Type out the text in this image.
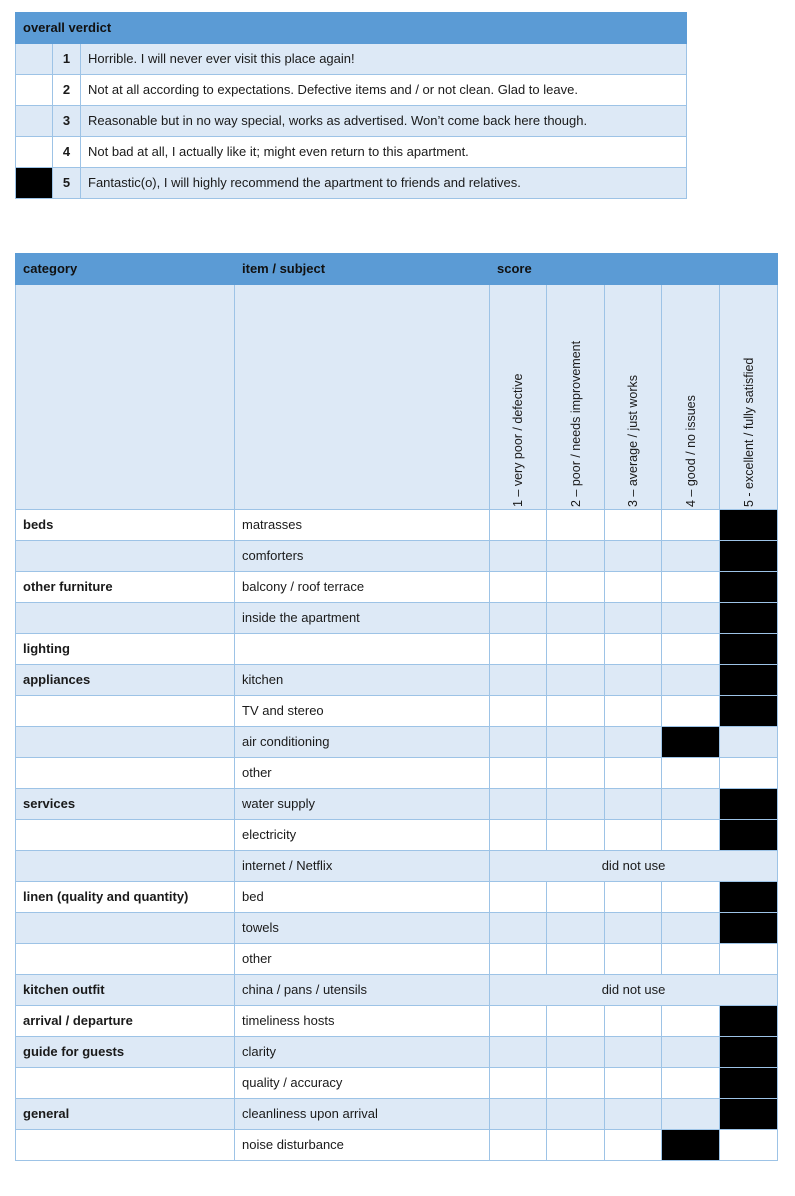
overall verdict		
	1	Horrible. I will never ever visit this place again!
	2	Not at all according to expectations. Defective items and / or not clean. Glad to leave.
	3	Reasonable but in no way special, works as advertised. Won’t come back here though.
	4	Not bad at all, I actually like it; might even return to this apartment.
	5	Fantastic(o), I will highly recommend the apartment to friends and relatives.
category	item / subject	score				

		1 – very poor / defective	2 – poor / needs improvement	3 – average / just works	4 – good / no issues	5 - excellent / fully satisfied

beds	matrasses					
	comforters					
other furniture	balcony / roof terrace					
	inside the apartment					
lighting						
appliances	kitchen					
	TV and stereo					
	air conditioning					
	other					
services	water supply					
	electricity					
	internet / Netflix	did not use				
linen (quality and quantity)	bed					
	towels					
	other					
kitchen outfit	china / pans / utensils	did not use				
arrival / departure	timeliness hosts					
guide for guests	clarity					
	quality / accuracy					
general	cleanliness upon arrival					
	noise disturbance					
